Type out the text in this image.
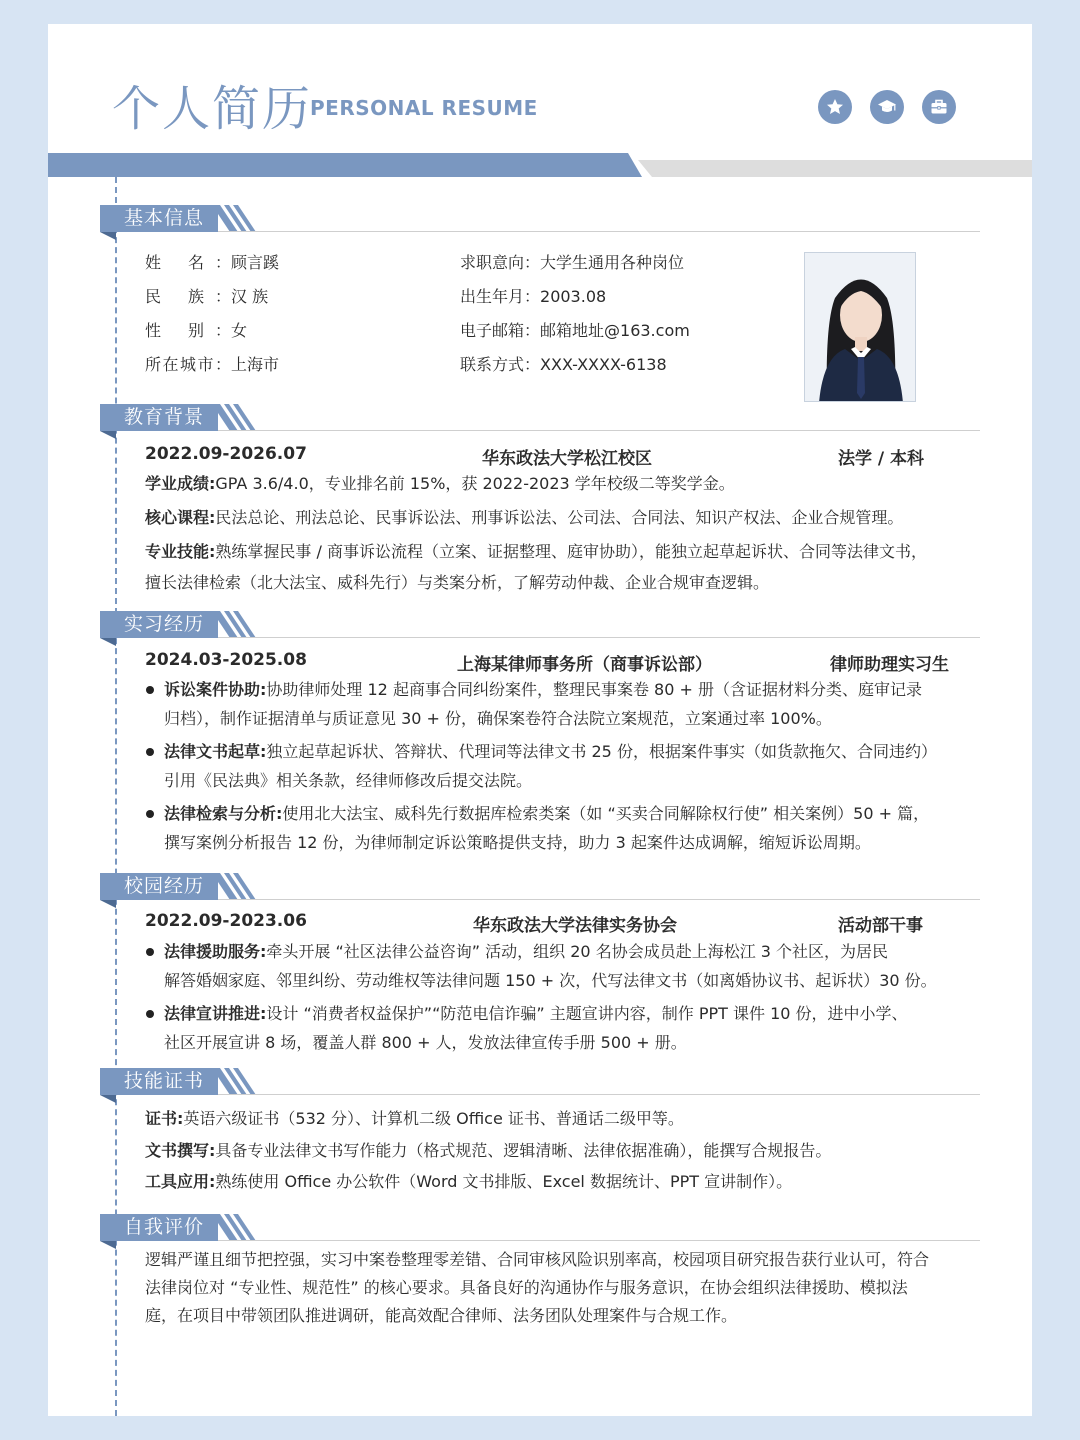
个人简历
PERSONAL RESUME
基本信息
姓 名：顾言蹊
民 族：汉 族
性 别：女
所在城市：上海市
求职意向：大学生通用各种岗位
出生年月：2003.08
电子邮箱：邮箱地址@163.com
联系方式：XXX-XXXX-6138
教育背景
2022.09-2026.07	华东政法大学松江校区	法学 / 本科
学业成绩:GPA 3.6/4.0，专业排名前 15%，获 2022-2023 学年校级二等奖学金。
核心课程:民法总论、刑法总论、民事诉讼法、刑事诉讼法、公司法、合同法、知识产权法、企业合规管理。
专业技能:熟练掌握民事 / 商事诉讼流程（立案、证据整理、庭审协助），能独立起草起诉状、合同等法律文书，
擅长法律检索（北大法宝、威科先行）与类案分析，了解劳动仲裁、企业合规审查逻辑。
实习经历
2024.03-2025.08	上海某律师事务所（商事诉讼部）	律师助理实习生
诉讼案件协助:协助律师处理 12 起商事合同纠纷案件，整理民事案卷 80 + 册（含证据材料分类、庭审记录
归档），制作证据清单与质证意见 30 + 份，确保案卷符合法院立案规范，立案通过率 100%。
法律文书起草:独立起草起诉状、答辩状、代理词等法律文书 25 份，根据案件事实（如货款拖欠、合同违约）
引用《民法典》相关条款，经律师修改后提交法院。
法律检索与分析:使用北大法宝、威科先行数据库检索类案（如 “买卖合同解除权行使” 相关案例）50 + 篇，
撰写案例分析报告 12 份，为律师制定诉讼策略提供支持，助力 3 起案件达成调解，缩短诉讼周期。
校园经历
2022.09-2023.06	华东政法大学法律实务协会	活动部干事
法律援助服务:牵头开展 “社区法律公益咨询” 活动，组织 20 名协会成员赴上海松江 3 个社区，为居民
解答婚姻家庭、邻里纠纷、劳动维权等法律问题 150 + 次，代写法律文书（如离婚协议书、起诉状）30 份。
法律宣讲推进:设计 “消费者权益保护”“防范电信诈骗” 主题宣讲内容，制作 PPT 课件 10 份，进中小学、
社区开展宣讲 8 场，覆盖人群 800 + 人，发放法律宣传手册 500 + 册。
技能证书
证书:英语六级证书（532 分）、计算机二级 Office 证书、普通话二级甲等。
文书撰写:具备专业法律文书写作能力（格式规范、逻辑清晰、法律依据准确），能撰写合规报告。
工具应用:熟练使用 Office 办公软件（Word 文书排版、Excel 数据统计、PPT 宣讲制作）。
自我评价
逻辑严谨且细节把控强，实习中案卷整理零差错、合同审核风险识别率高，校园项目研究报告获行业认可，符合
法律岗位对 “专业性、规范性” 的核心要求。具备良好的沟通协作与服务意识，在协会组织法律援助、模拟法
庭，在项目中带领团队推进调研，能高效配合律师、法务团队处理案件与合规工作。
